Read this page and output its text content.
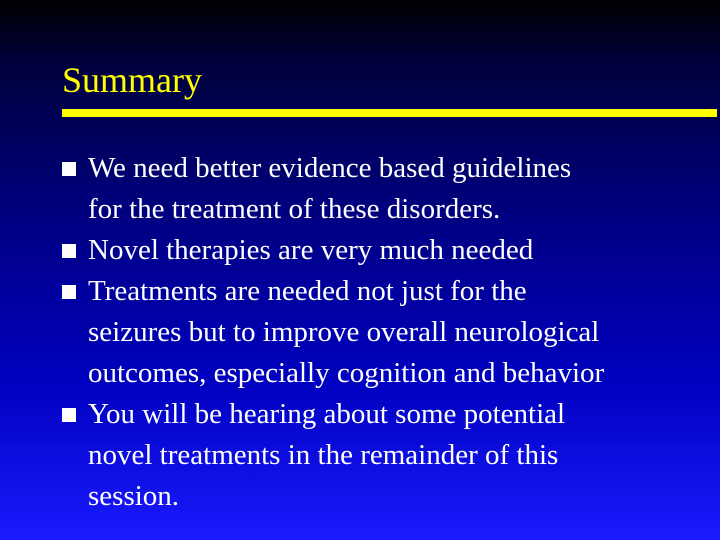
Summary
We need better evidence based guidelines
for the treatment of these disorders.
Novel therapies are very much needed
Treatments are needed not just for the
seizures but to improve overall neurological
outcomes, especially cognition and behavior
You will be hearing about some potential
novel treatments in the remainder of this
session.
